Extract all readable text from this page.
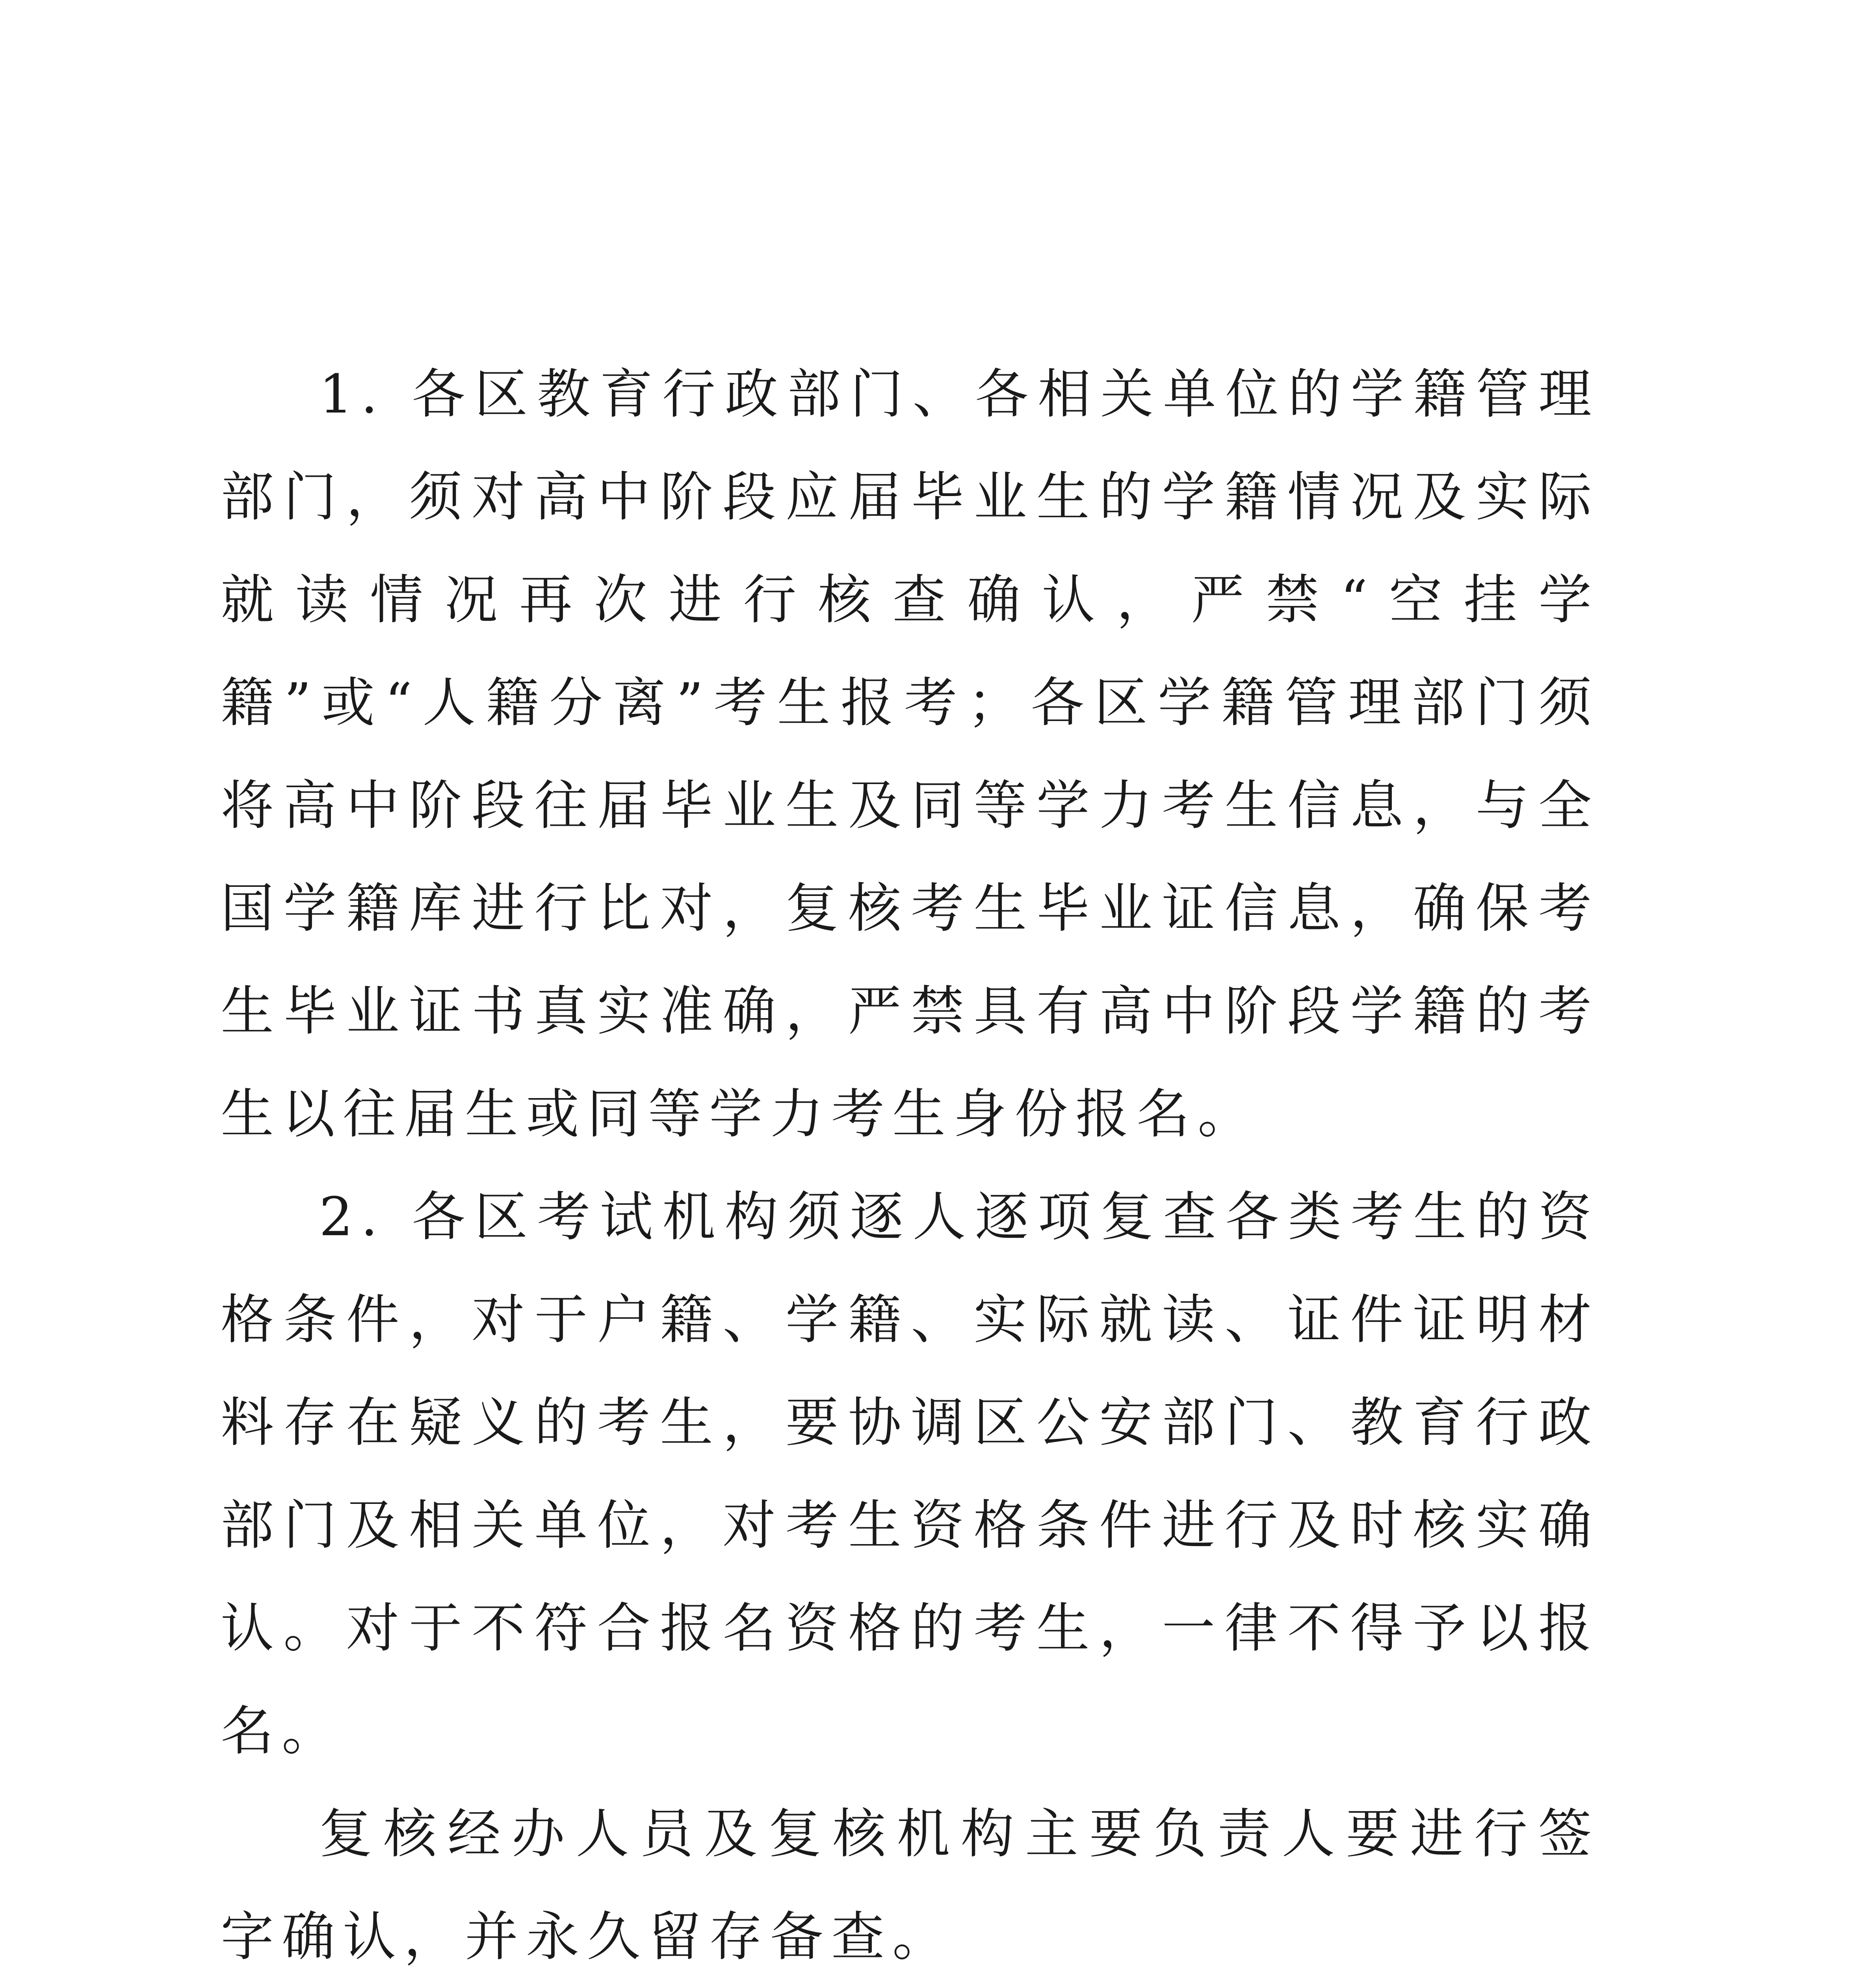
1. 各区教育行政部门、各相关单位的学籍管理部门，须对高中阶段应届毕业生的学籍情况及实际就读情况再次进行核查确认，严禁“空挂学籍”或“人籍分离”考生报考；各区学籍管理部门须将高中阶段往届毕业生及同等学力考生信息，与全国学籍库进行比对，复核考生毕业证信息，确保考生毕业证书真实准确，严禁具有高中阶段学籍的考生以往届生或同等学力考生身份报名。

2. 各区考试机构须逐人逐项复查各类考生的资格条件，对于户籍、学籍、实际就读、证件证明材料存在疑义的考生，要协调区公安部门、教育行政部门及相关单位，对考生资格条件进行及时核实确认。对于不符合报名资格的考生，一律不得予以报名。

复核经办人员及复核机构主要负责人要进行签字确认，并永久留存备查。
